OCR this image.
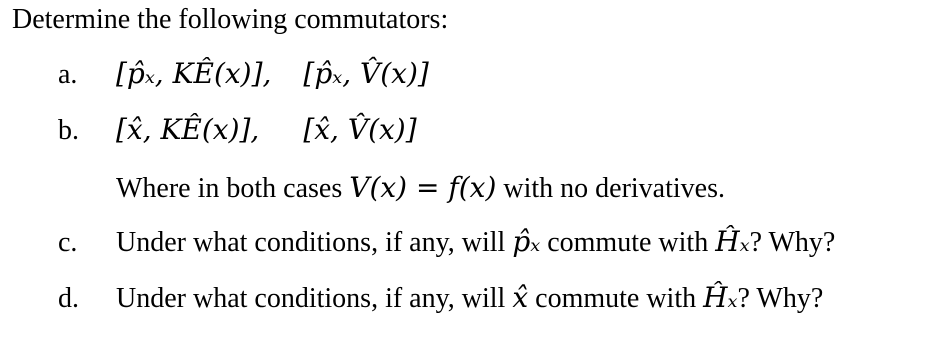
Determine the following commutators:
a. [p̂ₓ, KÊ(x)], [p̂ₓ, V̂(x)]
b. [x̂, KÊ(x)], [x̂, V̂(x)]
Where in both cases V(x) = f(x) with no derivatives.
c. Under what conditions, if any, will p̂ₓ commute with Ĥₓ? Why?
d. Under what conditions, if any, will x̂ commute with Ĥₓ? Why?
